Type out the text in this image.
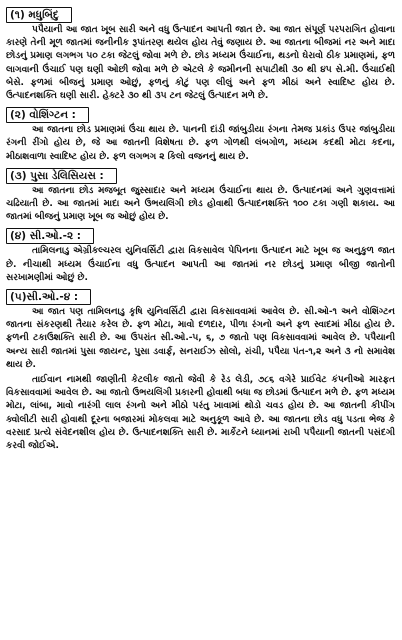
(૧) મધુબિંદુ

પપૈયાની આ જાત ખૂબ સારી અને વધુ ઉત્પાદન આપતી જાત છે. આ જાત સંપૂર્ણ પરપરાગિત હોવાના કારણે તેની મૂળ જાતમાં જનીનીક રૂપાંતરણ થયેલ હોય તેવું જણાય છે. આ જાતના બીજમાં નર અને માદા છોડનું પ્રમાણ લગભગ ૫૦ ટકા જેટલું જોવા મળે છે. છોડ મધ્યમ ઉંચાઈના, થડનો ઘેરાવો ઠીક પ્રમાણમાં, ફળ લાગવાની ઉંચાઈ પણ ઘણી ઓછી જોવા મળે છે એટલે કે જમીનની સપાટીથી ૩૦ થી ૪૫ સે.મી. ઉંચાઈથી બેસે. ફળમાં બીજનું પ્રમાણ ઓછું, ફળનું કોટું પણ લીલું અને ફળ મીઠાં અને સ્વાદિષ્ટ હોય છે. ઉત્પાદનશક્તિ ઘણી સારી. હેક્ટરે ૩૦ થી ૩૫ ટન જેટલું ઉત્પાદન મળે છે.

(૨) વોશિંગ્ટન :

આ જાતના છોડ પ્રમાણમાં ઉંચા થાય છે. પાનની દાંડી જાંબુડીયા રંગના તેમજ પ્રકાંડ ઉપર જાંબુડીયા રંગની રીંગો હોય છે, જે આ જાતની વિશેષતા છે. ફળ ગોળથી લંબગોળ, મધ્યમ કદથી મોટા કદના, મીઠાશવાળા સ્વાદિષ્ટ હોય છે. ફળ લગભગ ૨ કિલો વજનનું થાય છે.

(૩) પુસા ડેલિસિયસ :

આ જાતના છોડ મજબૂત જુસ્સાદાર અને મધ્યમ ઉંચાઈના થાય છે. ઉત્પાદનમાં અને ગુણવત્તામાં ચઢિયાતી છે. આ જાતમાં માદા અને ઉભયલિંગી છોડ હોવાથી ઉત્પાદનશક્તિ ૧૦૦ ટકા ગણી શકાય. આ જાતમાં બીજનું પ્રમાણ ખૂબ જ ઓછું હોય છે.

(૪) સી.ઓ.-૨ :

તામિલનાડુ એગ્રીકલ્ચરલ યુનિવર્સિટી દ્વારા વિકસાવેલ પેપિનના ઉત્પાદન માટે ખૂબ જ અનુકુળ જાત છે. નીચાથી મધ્યમ ઉંચાઈના વધુ ઉત્પાદન આપતી આ જાતમાં નર છોડનું પ્રમાણ બીજી જાતોની સરખામણીમાં ઓછું છે.

(૫)સી.ઓ.-૪ :

આ જાત પણ તામિલનાડુ કૃષિ યુનિવર્સિટી દ્વારા વિકસાવવામાં આવેલ છે. સી.ઓ-૧ અને વોશિંગ્ટન જાતના સંકરણથી તૈયાર કરેલ છે. ફળ મોટા, માવો દળદાર, પીળા રંગનો અને ફળ સ્વાદમાં મીઠા હોય છે. ફળની ટકાઉશક્તિ સારી છે. આ ઉપરાંત સી.ઓ.-૫, ૬, ૭ જાતો પણ વિકસાવવામાં આવેલ છે. પપૈયાની અન્ય સારી જાતમાં પુસા જાયન્ટ, પુસા ડવાર્ફ, સનરાઈઝ સોલો, રાંચી, પપૈયા પંત-૧,૨ અને ૩ નો સમાવેશ થાય છે.

તાઈવાન નામથી જાણીતી કેટલીક જાતો જેવી કે રેડ લેડી, ૭૮૬ વગેરે પ્રાઈવેટ કંપનીઓ મારફત વિકસાવવામાં આવેલ છે. આ જાતો ઉભયલિંગી પ્રકારની હોવાથી બધા જ છોડમાં ઉત્પાદન મળે છે. ફળ મધ્યમ મોટા, લાંબા, માવો નારંગી લાલ રંગનો અને મીઠો પરંતુ ખાવામાં થોડો ચવડ હોય છે. આ જાતની કીપીંગ ક્વોલીટી સારી હોવાથી દૂરના બજારમાં મોકલવા માટે અનુકૂળ આવે છે. આ જાતના છોડ વધુ પડતા ભેજ કે વરસાદ પ્રત્યે સંવેદનશીલ હોય છે. ઉત્પાદનશક્તિ સારી છે. માર્કેટને ધ્યાનમાં રાખી પપૈયાની જાતની પસંદગી કરવી જોઈએ.
